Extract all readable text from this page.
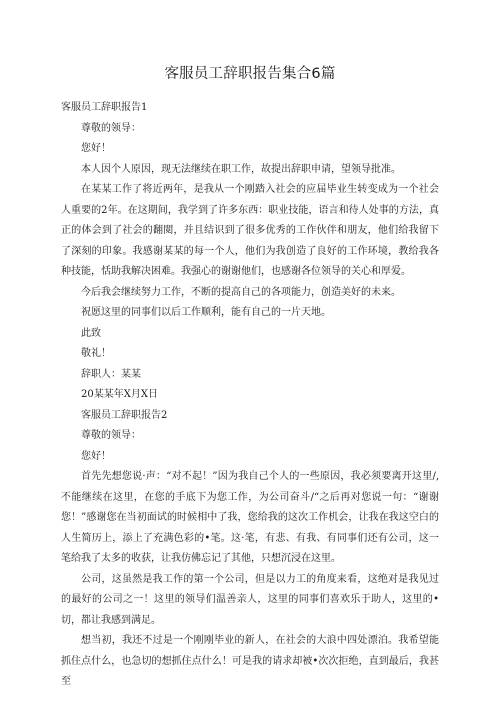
客服员工辞职报告集合6篇

客服员工辞职报告1

尊敬的领导：

您好！

本人因个人原因，现无法继续在职工作，故提出辞职申请，望领导批准。

在某某工作了将近两年，是我从一个刚踏入社会的应届毕业生转变成为一个社会人重要的2年。在这期间，我学到了许多东西：职业技能，语言和待人处事的方法，真正的体会到了社会的翻閲，并且结识到了很多优秀的工作伙伴和朋友，他们给我留下了深刻的印象。我感谢某某的每一个人，他们为我创造了良好的工作环境，教给我各种技能，恬助我解决困难。我强心的谢谢他们，也感谢各位领导的关心和厚爱。

今后我会继续努力工作，不断的提高自己的各项能力，创造美好的未来。

祝愿这里的同事们以后工作顺利，能有自己的一片天地。

此致

敬礼！

辞职人：某某

20某某年X月X日

客服员工辞职报告2

尊敬的领导：

您好！

首先先想您说·声：“对不起！”因为我自己个人的一些原因，我必须要离开这里/,不能继续在这里，在您的手底下为您工作，为公司奋斗/“之后再对您说一句：“谢谢您！”感谢您在当初面试的时候相中了我，您给我的这次工作机会，让我在我这空白的人生简历上，添上了充满色彩的•笔。这·笔，有悲、有我、有同事们还有公司，这一笔给我了太多的收获，让我仿佛忘记了其他，只想沉浸在这里。

公司，这虽然是我工作的第一个公司，但是以力工的角度来看，这绝对是我见过的最好的公司之一！这里的领导们温善亲人，这里的同事们喜欢乐于助人，这里的•切，都让我感到满足。

想当初，我还不过是一个刚刚毕业的新人，在社会的大浪中四处漂泊。我希望能抓住点什么，也急切的想抓住点什么！可是我的请求却被•次次拒绝，直到最后，我甚至
